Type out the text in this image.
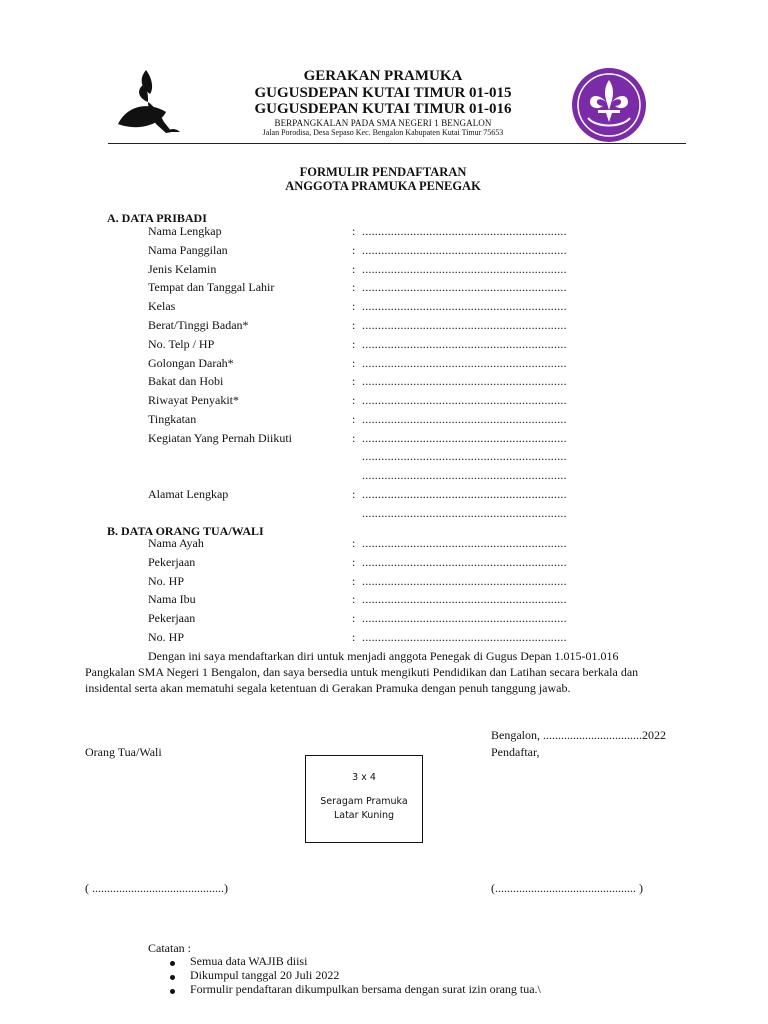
GERAKAN PRAMUKA
GUGUSDEPAN KUTAI TIMUR 01-015
GUGUSDEPAN KUTAI TIMUR 01-016
BERPANGKALAN PADA SMA NEGERI 1 BENGALON
Jalan Porodisa, Desa Sepaso Kec. Bengalon Kabupaten Kutai Timur 75653
FORMULIR PENDAFTARAN
ANGGOTA PRAMUKA PENEGAK
A. DATA PRIBADI
Nama Lengkap	: ................................................................
Nama Panggilan	: ................................................................
Jenis Kelamin	: ................................................................
Tempat dan Tanggal Lahir	: ................................................................
Kelas	: ................................................................
Berat/Tinggi Badan*	: ................................................................
No. Telp / HP	: ................................................................
Golongan Darah*	: ................................................................
Bakat dan Hobi	: ................................................................
Riwayat Penyakit*	: ................................................................
Tingkatan	: ................................................................
Kegiatan Yang Pernah Diikuti	: ................................................................
................................................................
................................................................
Alamat Lengkap	: ................................................................
................................................................
B. DATA ORANG TUA/WALI
Nama Ayah	: ................................................................
Pekerjaan	: ................................................................
No. HP	: ................................................................
Nama Ibu	: ................................................................
Pekerjaan	: ................................................................
No. HP	: ................................................................
Dengan ini saya mendaftarkan diri untuk menjadi anggota Penegak di Gugus Depan 1.015-01.016
Pangkalan SMA Negeri 1 Bengalon, dan saya bersedia untuk mengikuti Pendidikan dan Latihan secara berkala dan
insidental serta akan mematuhi segala ketentuan di Gerakan Pramuka dengan penuh tanggung jawab.
Bengalon, .................................2022
Orang Tua/Wali	Pendaftar,
3 x 4
Seragam Pramuka
Latar Kuning
( ............................................)	(............................................... )
Catatan :
Semua data WAJIB diisi
Dikumpul tanggal 20 Juli 2022
Formulir pendaftaran dikumpulkan bersama dengan surat izin orang tua.\
